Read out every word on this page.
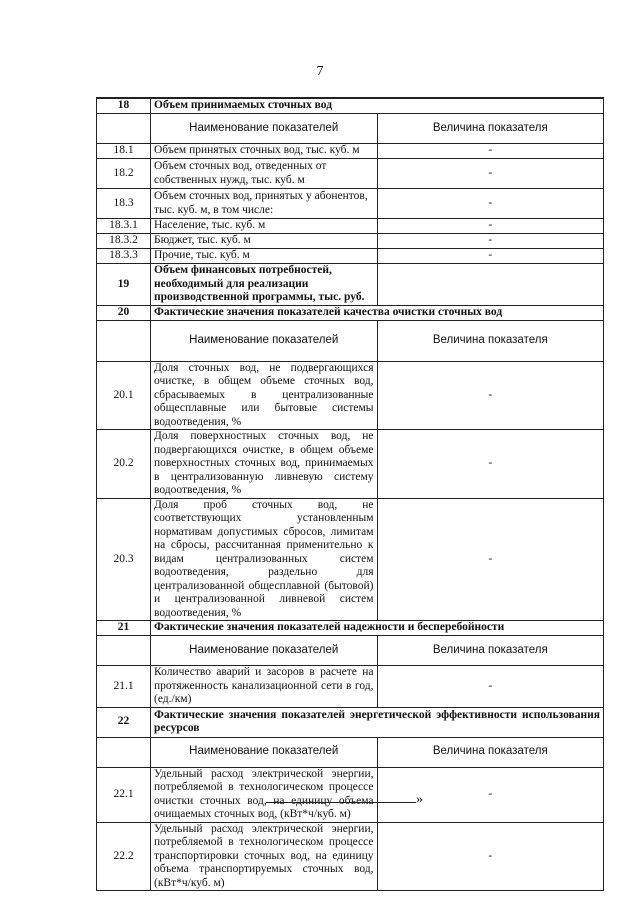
7
18	Объем принимаемых сточных вод	
	Наименование показателей	Величина показателя
18.1	Объем принятых сточных вод, тыс. куб. м	-
18.2	Объем сточных вод, отведенных от собственных нужд, тыс. куб. м	-
18.3	Объем сточных вод, принятых у абонентов, тыс. куб. м, в том числе:	-
18.3.1	Население, тыс. куб. м	-
18.3.2	Бюджет, тыс. куб. м	-
18.3.3	Прочие, тыс. куб. м	-
19	Объем финансовых потребностей, необходимый для реализации производственной программы, тыс. руб.	
20	Фактические значения показателей качества очистки сточных вод	
	Наименование показателей	Величина показателя
20.1	Доля сточных вод, не подвергающихся очистке, в общем объеме сточных вод, сбрасываемых в централизованные общесплавные или бытовые системы водоотведения, %	-
20.2	Доля поверхностных сточных вод, не подвергающихся очистке, в общем объеме поверхностных сточных вод, принимаемых в централизованную ливневую систему водоотведения, %	-
20.3	Доля проб сточных вод, не соответствующих установленным нормативам допустимых сбросов, лимитам на сбросы, рассчитанная применительно к видам централизованных систем водоотведения, раздельно для централизованной общесплавной (бытовой) и централизованной ливневой систем водоотведения, %	-
21	Фактические значения показателей надежности и бесперебойности	
	Наименование показателей	Величина показателя
21.1	Количество аварий и засоров в расчете на протяженность канализационной сети в год, (ед./км)	-
22	Фактические значения показателей энергетической эффективности использования ресурсов	
	Наименование показателей	Величина показателя
22.1	Удельный расход электрической энергии, потребляемой в технологическом процессе очистки сточных вод, на единицу объема очищаемых сточных вод, (кВт*ч/куб. м)	-
22.2	Удельный расход электрической энергии, потребляемой в технологическом процессе транспортировки сточных вод, на единицу объема транспортируемых сточных вод, (кВт*ч/куб. м)	-
»
